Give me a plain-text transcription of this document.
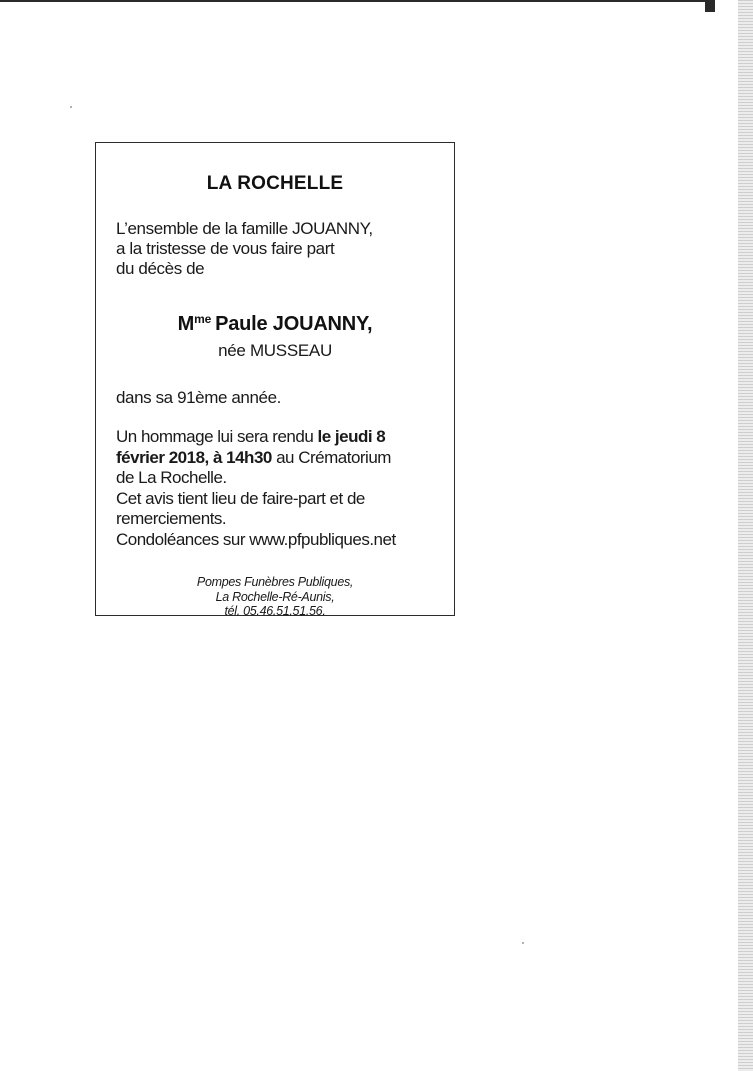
LA ROCHELLE
L’ensemble de la famille JOUANNY,
a la tristesse de vous faire part
du décès de
$M^{me}$ Paule JOUANNY,
née MUSSEAU
dans sa 91ème année.
Un hommage lui sera rendu le jeudi 8
février 2018, à 14h30 au Crématorium
de La Rochelle.
Cet avis tient lieu de faire-part et de
remerciements.
Condoléances sur www.pfpubliques.net
Pompes Funèbres Publiques,
La Rochelle-Ré-Aunis,
tél. 05.46.51.51.56.
